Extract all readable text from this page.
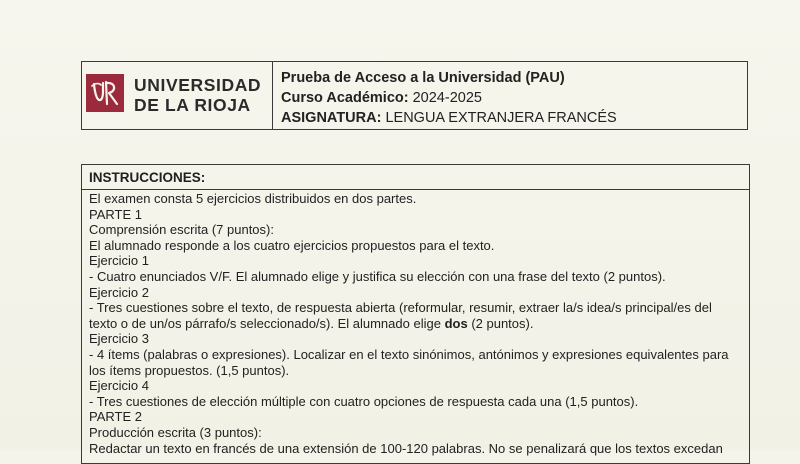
UNIVERSIDAD
DE LA RIOJA
Prueba de Acceso a la Universidad (PAU)
Curso Académico: 2024-2025
ASIGNATURA: LENGUA EXTRANJERA FRANCÉS
INSTRUCCIONES:
El examen consta 5 ejercicios distribuidos en dos partes.
PARTE 1
Comprensión escrita (7 puntos):
El alumnado responde a los cuatro ejercicios propuestos para el texto.
Ejercicio 1
- Cuatro enunciados V/F. El alumnado elige y justifica su elección con una frase del texto (2 puntos).
Ejercicio 2
- Tres cuestiones sobre el texto, de respuesta abierta (reformular, resumir, extraer la/s idea/s principal/es del
texto o de un/os párrafo/s seleccionado/s). El alumnado elige dos (2 puntos).
Ejercicio 3
- 4 ítems (palabras o expresiones). Localizar en el texto sinónimos, antónimos y expresiones equivalentes para
los ítems propuestos. (1,5 puntos).
Ejercicio 4
- Tres cuestiones de elección múltiple con cuatro opciones de respuesta cada una (1,5 puntos).
PARTE 2
Producción escrita (3 puntos):
Redactar un texto en francés de una extensión de 100-120 palabras. No se penalizará que los textos excedan
